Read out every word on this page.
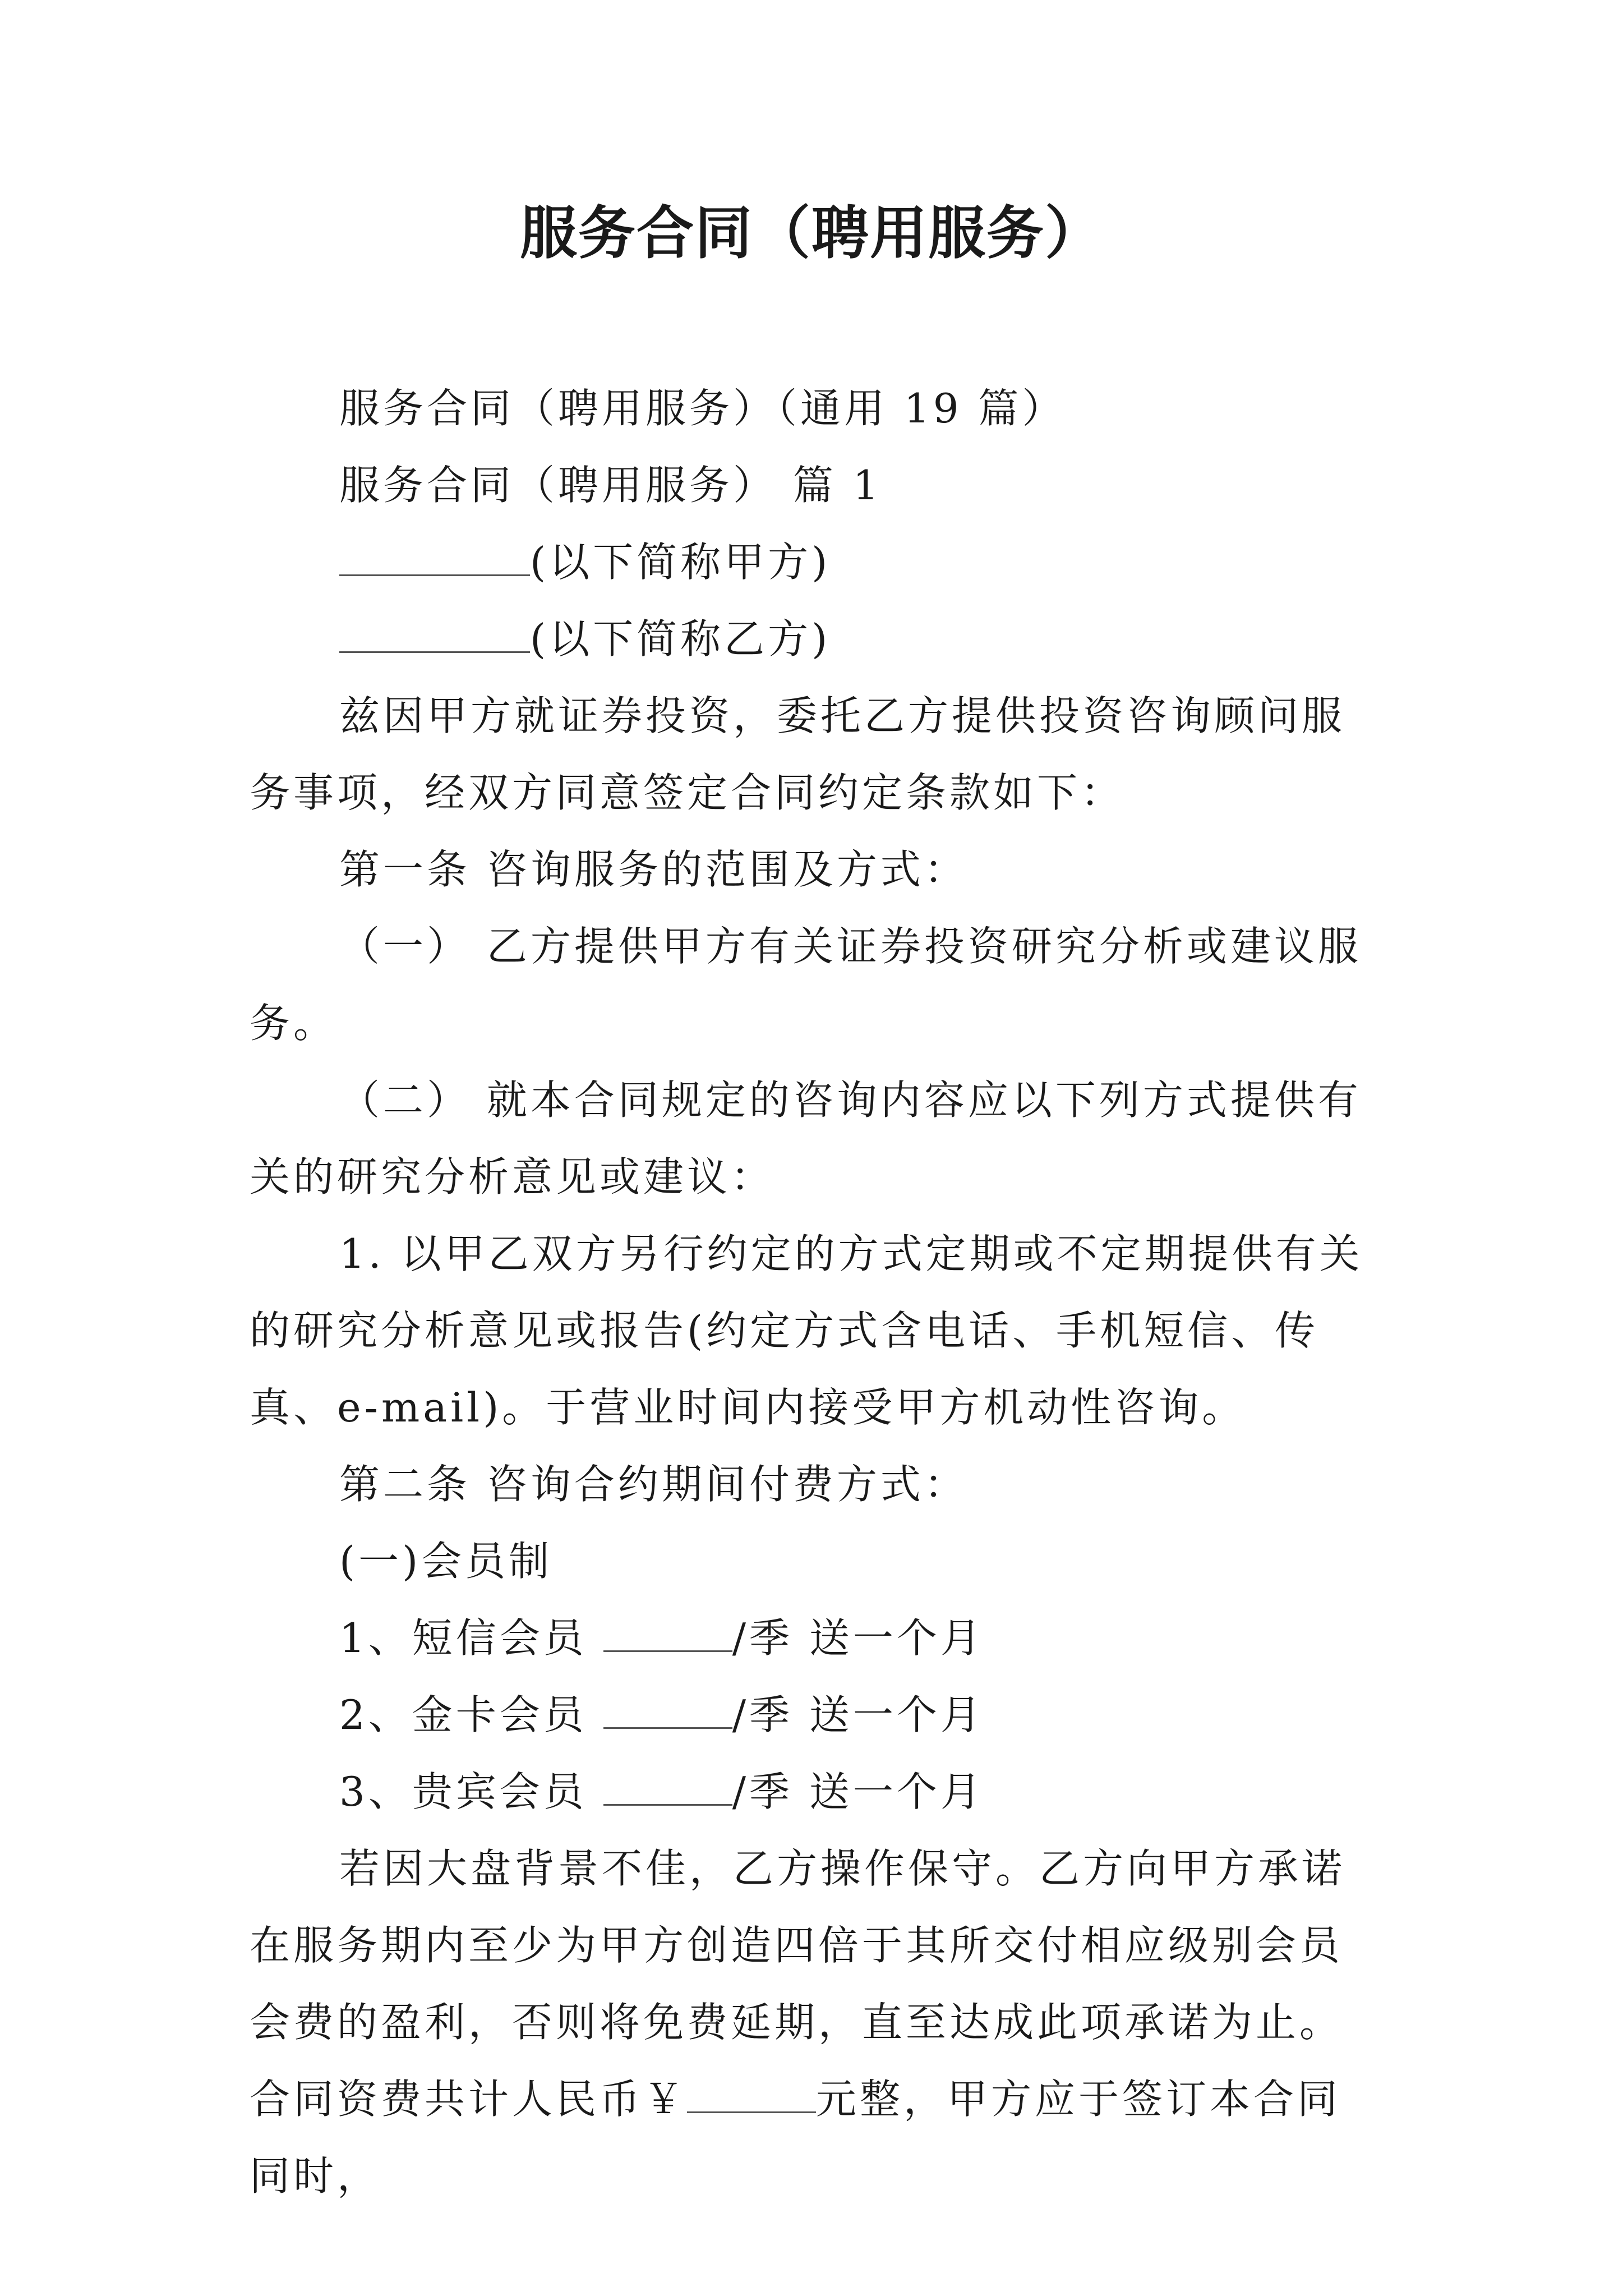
服务合同（聘用服务）

服务合同（聘用服务）（通用 19 篇）

服务合同（聘用服务） 篇 1

(以下简称甲方)

(以下简称乙方)

兹因甲方就证券投资，委托乙方提供投资咨询顾问服务事项，经双方同意签定合同约定条款如下：

第一条 咨询服务的范围及方式：

（一） 乙方提供甲方有关证券投资研究分析或建议服务。

（二） 就本合同规定的咨询内容应以下列方式提供有关的研究分析意见或建议：

1. 以甲乙双方另行约定的方式定期或不定期提供有关的研究分析意见或报告(约定方式含电话、手机短信、传真、e-mail)。于营业时间内接受甲方机动性咨询。

第二条 咨询合约期间付费方式：

(一)会员制

1、短信会员	/季 送一个月

2、金卡会员	/季 送一个月

3、贵宾会员	/季 送一个月

若因大盘背景不佳，乙方操作保守。乙方向甲方承诺在服务期内至少为甲方创造四倍于其所交付相应级别会员会费的盈利，否则将免费延期，直至达成此项承诺为止。合同资费共计人民币￥	元整，甲方应于签订本合同同时，
